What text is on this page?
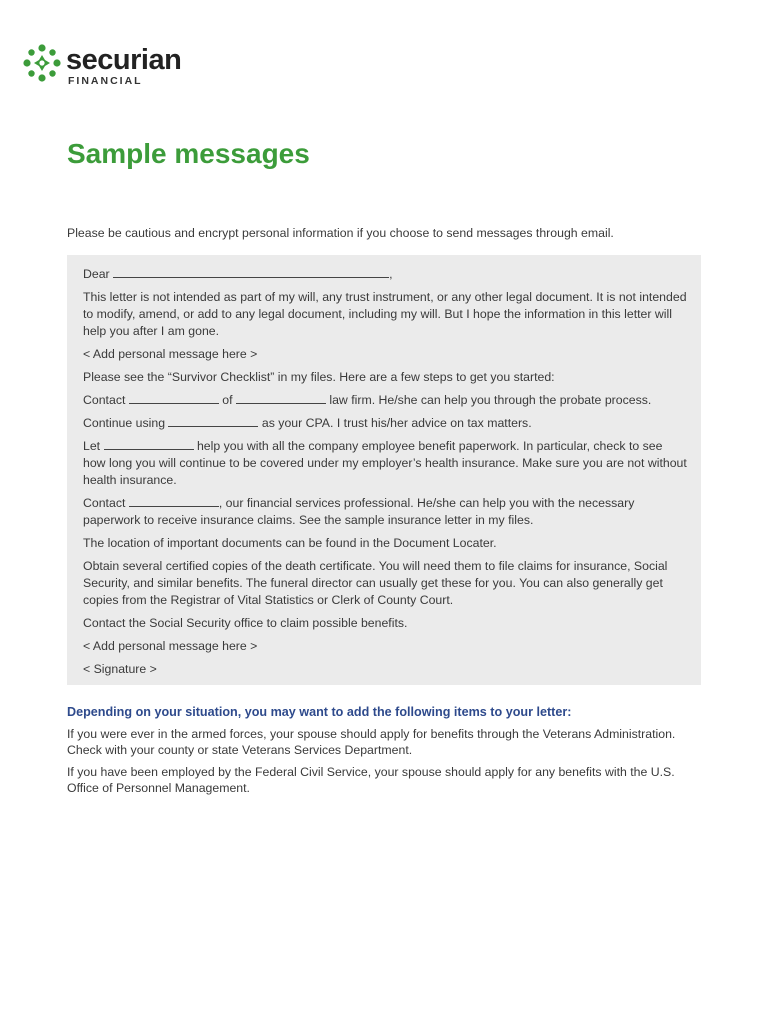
securian
FINANCIAL
Sample messages

Please be cautious and encrypt personal information if you choose to send messages through email.

Dear	,

This letter is not intended as part of my will, any trust instrument, or any other legal document. It is not intended to modify, amend, or add to any legal document, including my will. But I hope the information in this letter will help you after I am gone.

< Add personal message here >

Please see the “Survivor Checklist” in my files. Here are a few steps to get you started:

Contact	of	law firm. He/she can help you through the probate process.

Continue using	as your CPA. I trust his/her advice on tax matters.

Let	help you with all the company employee benefit paperwork. In particular, check to see how long you will continue to be covered under my employer’s health insurance. Make sure you are not without health insurance.

Contact	, our financial services professional. He/she can help you with the necessary paperwork to receive insurance claims. See the sample insurance letter in my files.

The location of important documents can be found in the Document Locater.

Obtain several certified copies of the death certificate. You will need them to file claims for insurance, Social Security, and similar benefits. The funeral director can usually get these for you. You can also generally get copies from the Registrar of Vital Statistics or Clerk of County Court.

Contact the Social Security office to claim possible benefits.

< Add personal message here >

< Signature >

Depending on your situation, you may want to add the following items to your letter:

If you were ever in the armed forces, your spouse should apply for benefits through the Veterans Administration. Check with your county or state Veterans Services Department.

If you have been employed by the Federal Civil Service, your spouse should apply for any benefits with the U.S. Office of Personnel Management.
